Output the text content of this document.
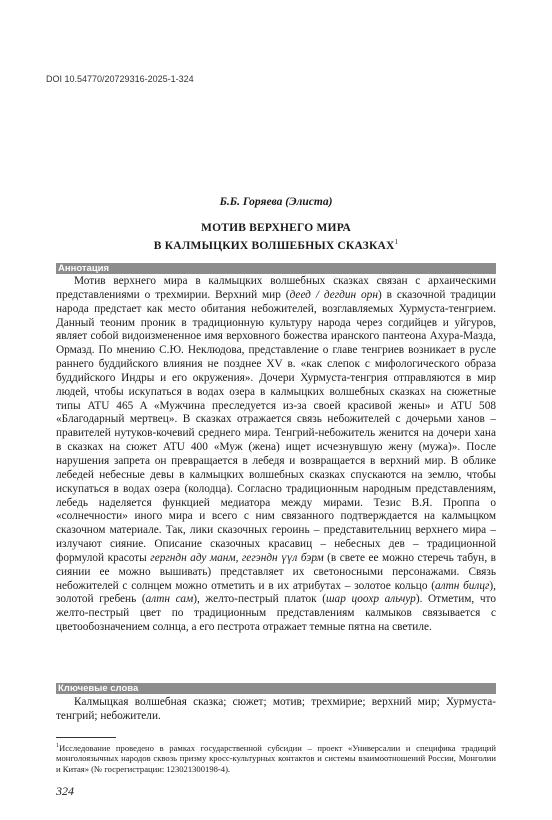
DOI 10.54770/20729316-2025-1-324
Б.Б. Горяева (Элиста)
МОТИВ ВЕРХНЕГО МИРА
В КАЛМЫЦКИХ ВОЛШЕБНЫХ СКАЗКАХ$^1$
Аннотация

Мотив верхнего мира в калмыцких волшебных сказках связан с архаическими представлениями о трехмирии. Верхний мир (деед / дегдин орн) в сказочной традиции народа предстает как место обитания небожителей, возглавляемых Хурмуста-тенгрием. Данный теоним проник в традиционную культуру народа через согдийцев и уйгуров, являет собой видоизмененное имя верховного божества иранского пантеона Ахура-Мазда, Ормазд. По мнению С.Ю. Неклюдова, представление о главе тенгриев возникает в русле раннего буддийского влияния не позднее XV в. «как слепок с мифологического образа буддийского Индры и его окружения». Дочери Хурмуста-тенгрия отправляются в мир людей, чтобы искупаться в водах озера в калмыцких волшебных сказках на сюжетные типы ATU 465 A «Мужчина преследуется из-за своей красивой жены» и ATU 508 «Благодарный мертвец». В сказках отражается связь небожителей с дочерьми ханов – правителей нутуков-кочевий среднего мира. Тенгрий-небожитель женится на дочери хана в сказках на сюжет ATU 400 «Муж (жена) ищет исчезнувшую жену (мужа)». После нарушения запрета он превращается в лебедя и возвращается в верхний мир. В облике лебедей небесные девы в калмыцких волшебных сказках спускаются на землю, чтобы искупаться в водах озера (колодца). Согласно традиционным народным представлениям, лебедь наделяется функцией медиатора между мирами. Тезис В.Я. Проппа о «солнечности» иного мира и всего с ним связанного подтверждается на калмыцком сказочном материале. Так, лики сказочных героинь – представительниц верхнего мира – излучают сияние. Описание сказочных красавиц – небесных дев – традиционной формулой красоты гергндн аду манм, гегэндн үүл бэрм (в свете ее можно стеречь табун, в сиянии ее можно вышивать) представляет их светоносными персонажами. Связь небожителей с солнцем можно отметить и в их атрибутах – золотое кольцо (алтн билцг), золотой гребень (алтн сам), желто-пестрый платок (шар цоохр альчур). Отметим, что желто-пестрый цвет по традиционным представлениям калмыков связывается с цветообозначением солнца, а его пестрота отражает темные пятна на светиле.

Ключевые слова

Калмыцкая волшебная сказка; сюжет; мотив; трехмирие; верхний мир; Хурмуста-тенгрий; небожители.

$^1$Исследование проведено в рамках государственной субсидии – проект «Универсалии и специфика традиций монголоязычных народов сквозь призму кросс-культурных контактов и системы взаимоотношений России, Монголии и Китая» (№ госрегистрации: 123021300198-4).

324
